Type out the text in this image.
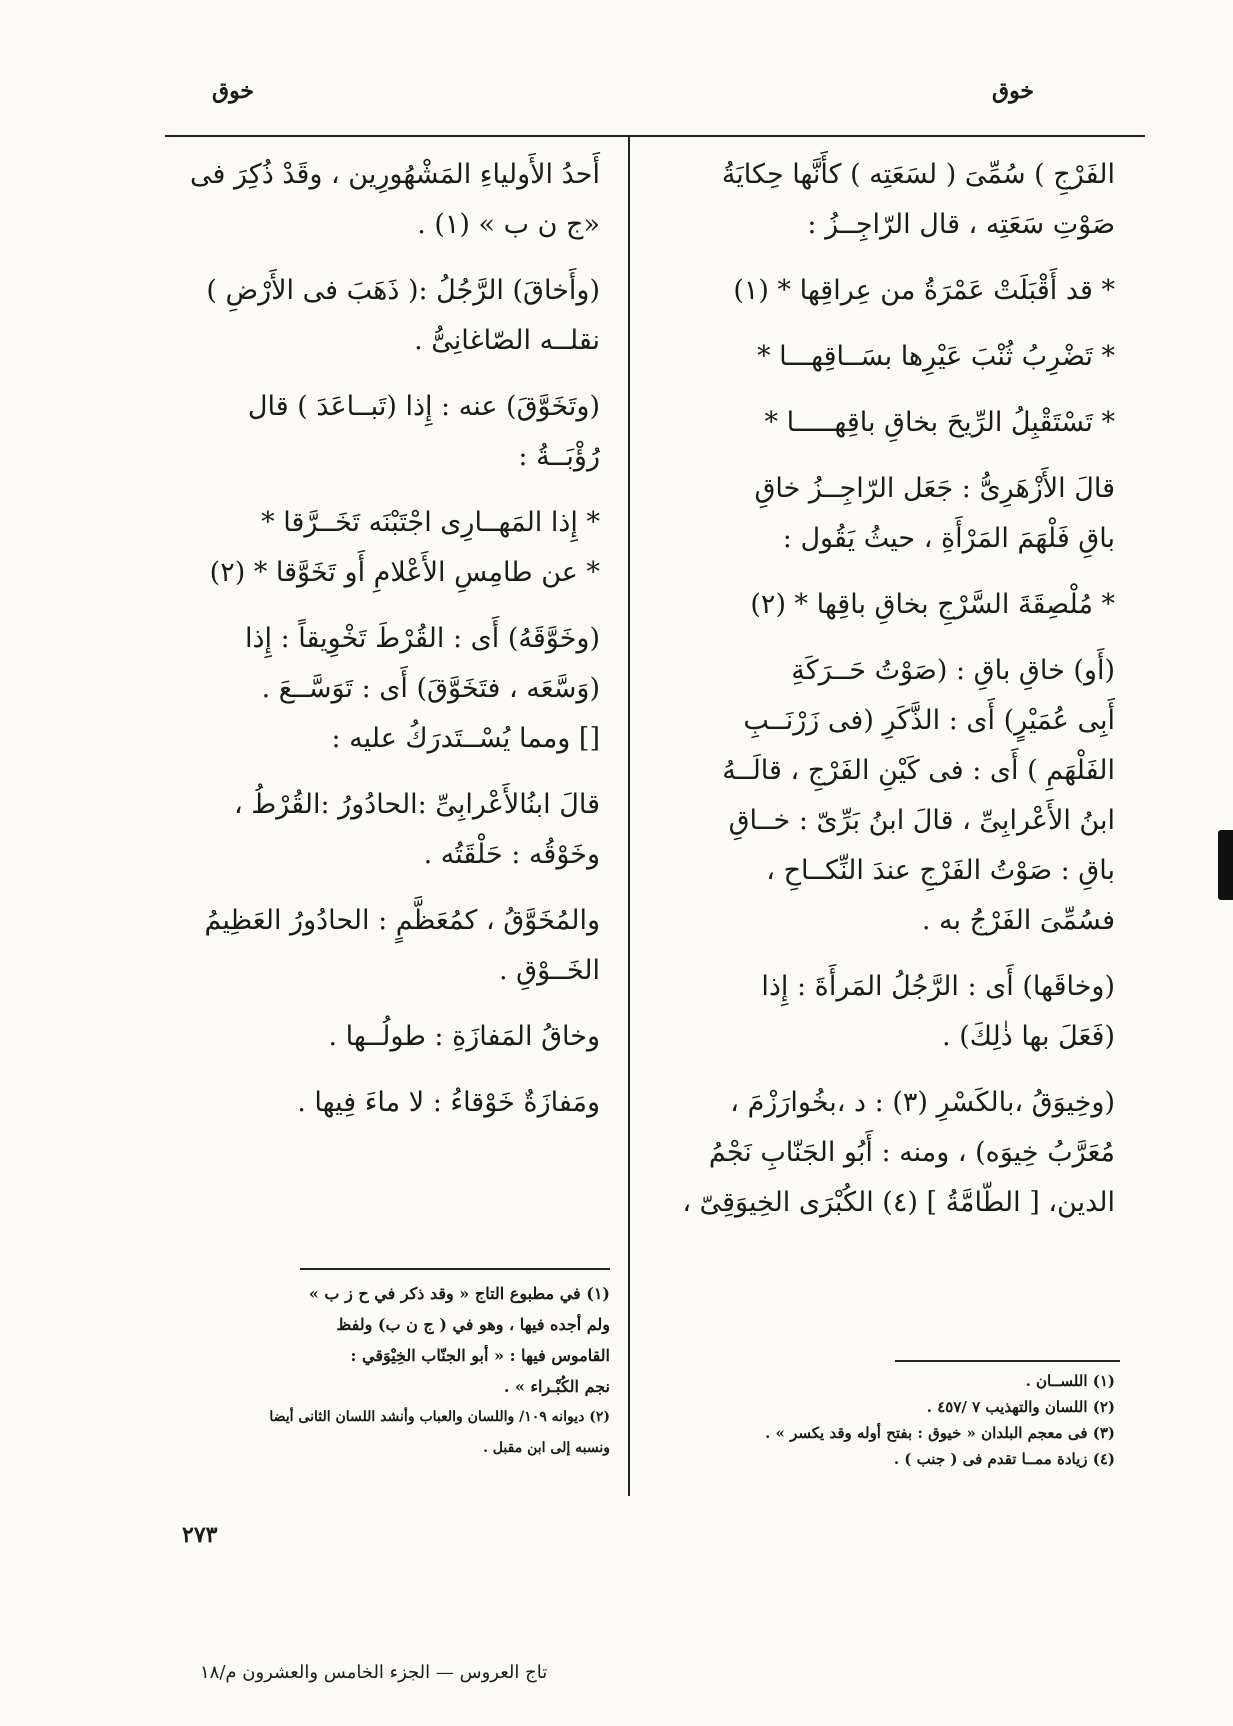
خوق	خوق

الفَرْجِ ) سُمِّىَ ( لسَعَتِه ) كأَنَّها حِكايَةُ

صَوْتِ سَعَتِه ، قال الرّاجِــزُ :

* قد أَقْبَلَتْ عَمْرَةُ من عِراقِها * (١)

* تَضْرِبُ ثُنْبَ عَيْرِها بسَــاقِهـــا *

* تَسْتَقْبِلُ الرِّيحَ بخاقِ باقِهـــــا *

قالَ الأَزْهَرِىُّ : جَعَل الرّاجِــزُ خاقِ

باقِ فَلْهَمَ المَرْأَةِ ، حيثُ يَقُول :

* مُلْصِقَةَ السَّرْجِ بخاقِ باقِها * (٢)

(أَو) خاقِ باقِ : (صَوْتُ حَــرَكَةِ

أَبِى عُمَيْرٍ) أَى : الذَّكَرِ (فى زَرْنَــبِ

الفَلْهَمِ ) أَى : فى كَيْنِ الفَرْجِ ، قالَــهُ

ابنُ الأَعْرابِىِّ ، قالَ ابنُ بَرِّىّ : خــاقِ

باقِ : صَوْتُ الفَرْجِ عندَ النِّكــاحِ ،

فسُمِّىَ الفَرْجُ به .

(وخاقَها) أَى : الرَّجُلُ المَرأَةَ : إِذا

(فَعَلَ بها ذٰلِكَ) .

(وخِيوَقُ ،بالكَسْرِ (٣) : د ،بخُوارَزْمَ ،

مُعَرَّبُ خِيوَه) ، ومنه : أَبُو الجَنّابِ نَجْمُ

الدين، [ الطّامَّةُ ] (٤) الكُبْرَى الخِيوَقِىّ ،

أَحدُ الأَولياءِ المَشْهُورِين ، وقَدْ ذُكِرَ فى

«ج ن ب » (١) .

(وأَخاقَ) الرَّجُلُ :( ذَهَبَ فى الأَرْضِ )

نقلــه الصّاغانِىُّ .

(وتَخَوَّقَ) عنه : إِذا (تَبــاعَدَ ) قال

رُؤْبَــةُ :

* إِذا المَهــارِى اجْتَبْنَه تَخَــرَّقا *

* عن طامِسِ الأَعْلامِ أَو تَخَوَّقا * (٢)

(وخَوَّقَهُ) أَى : القُرْطَ تَخْوِيقاً : إِذا

(وَسَّعَه ، فتَخَوَّقَ) أَى : تَوَسَّــعَ .

[] ومما يُسْــتَدرَكُ عليه :

قالَ ابنُالأَعْرابِىِّ :الحادُورُ :القُرْطُ ،

وخَوْقُه : حَلْقَتُه .

والمُخَوَّقُ ، كمُعَظَّمٍ : الحادُورُ العَظِيمُ

الخَــوْقِ .

وخاقُ المَفازَةِ : طولُــها .

ومَفازَةٌ خَوْقاءُ : لا ماءَ فِيها .

(١) في مطبوع التاج « وقد ذكر في ح ز ب »

ولم أجده فيها ، وهو في ( ج ن ب) ولفظ

القاموس فيها : « أبو الجنّاب الخِيْوَقي :

نجم الكُبْـراء » .

(٢) ديوانه ١٠٩/ واللسان والعباب وأنشد اللسان الثانى أيضا

ونسبه إلى ابن مقبل .

(١) اللســان .

(٢) اللسان والتهذيب ٧ /٤٥٧ .

(٣) فى معجم البلدان « خيوق : بفتح أوله وقد يكسر » .

(٤) زيادة ممــا تقدم فى ( جنب ) .

٢٧٣
تاج العروس — الجزء الخامس والعشرون م/١٨
